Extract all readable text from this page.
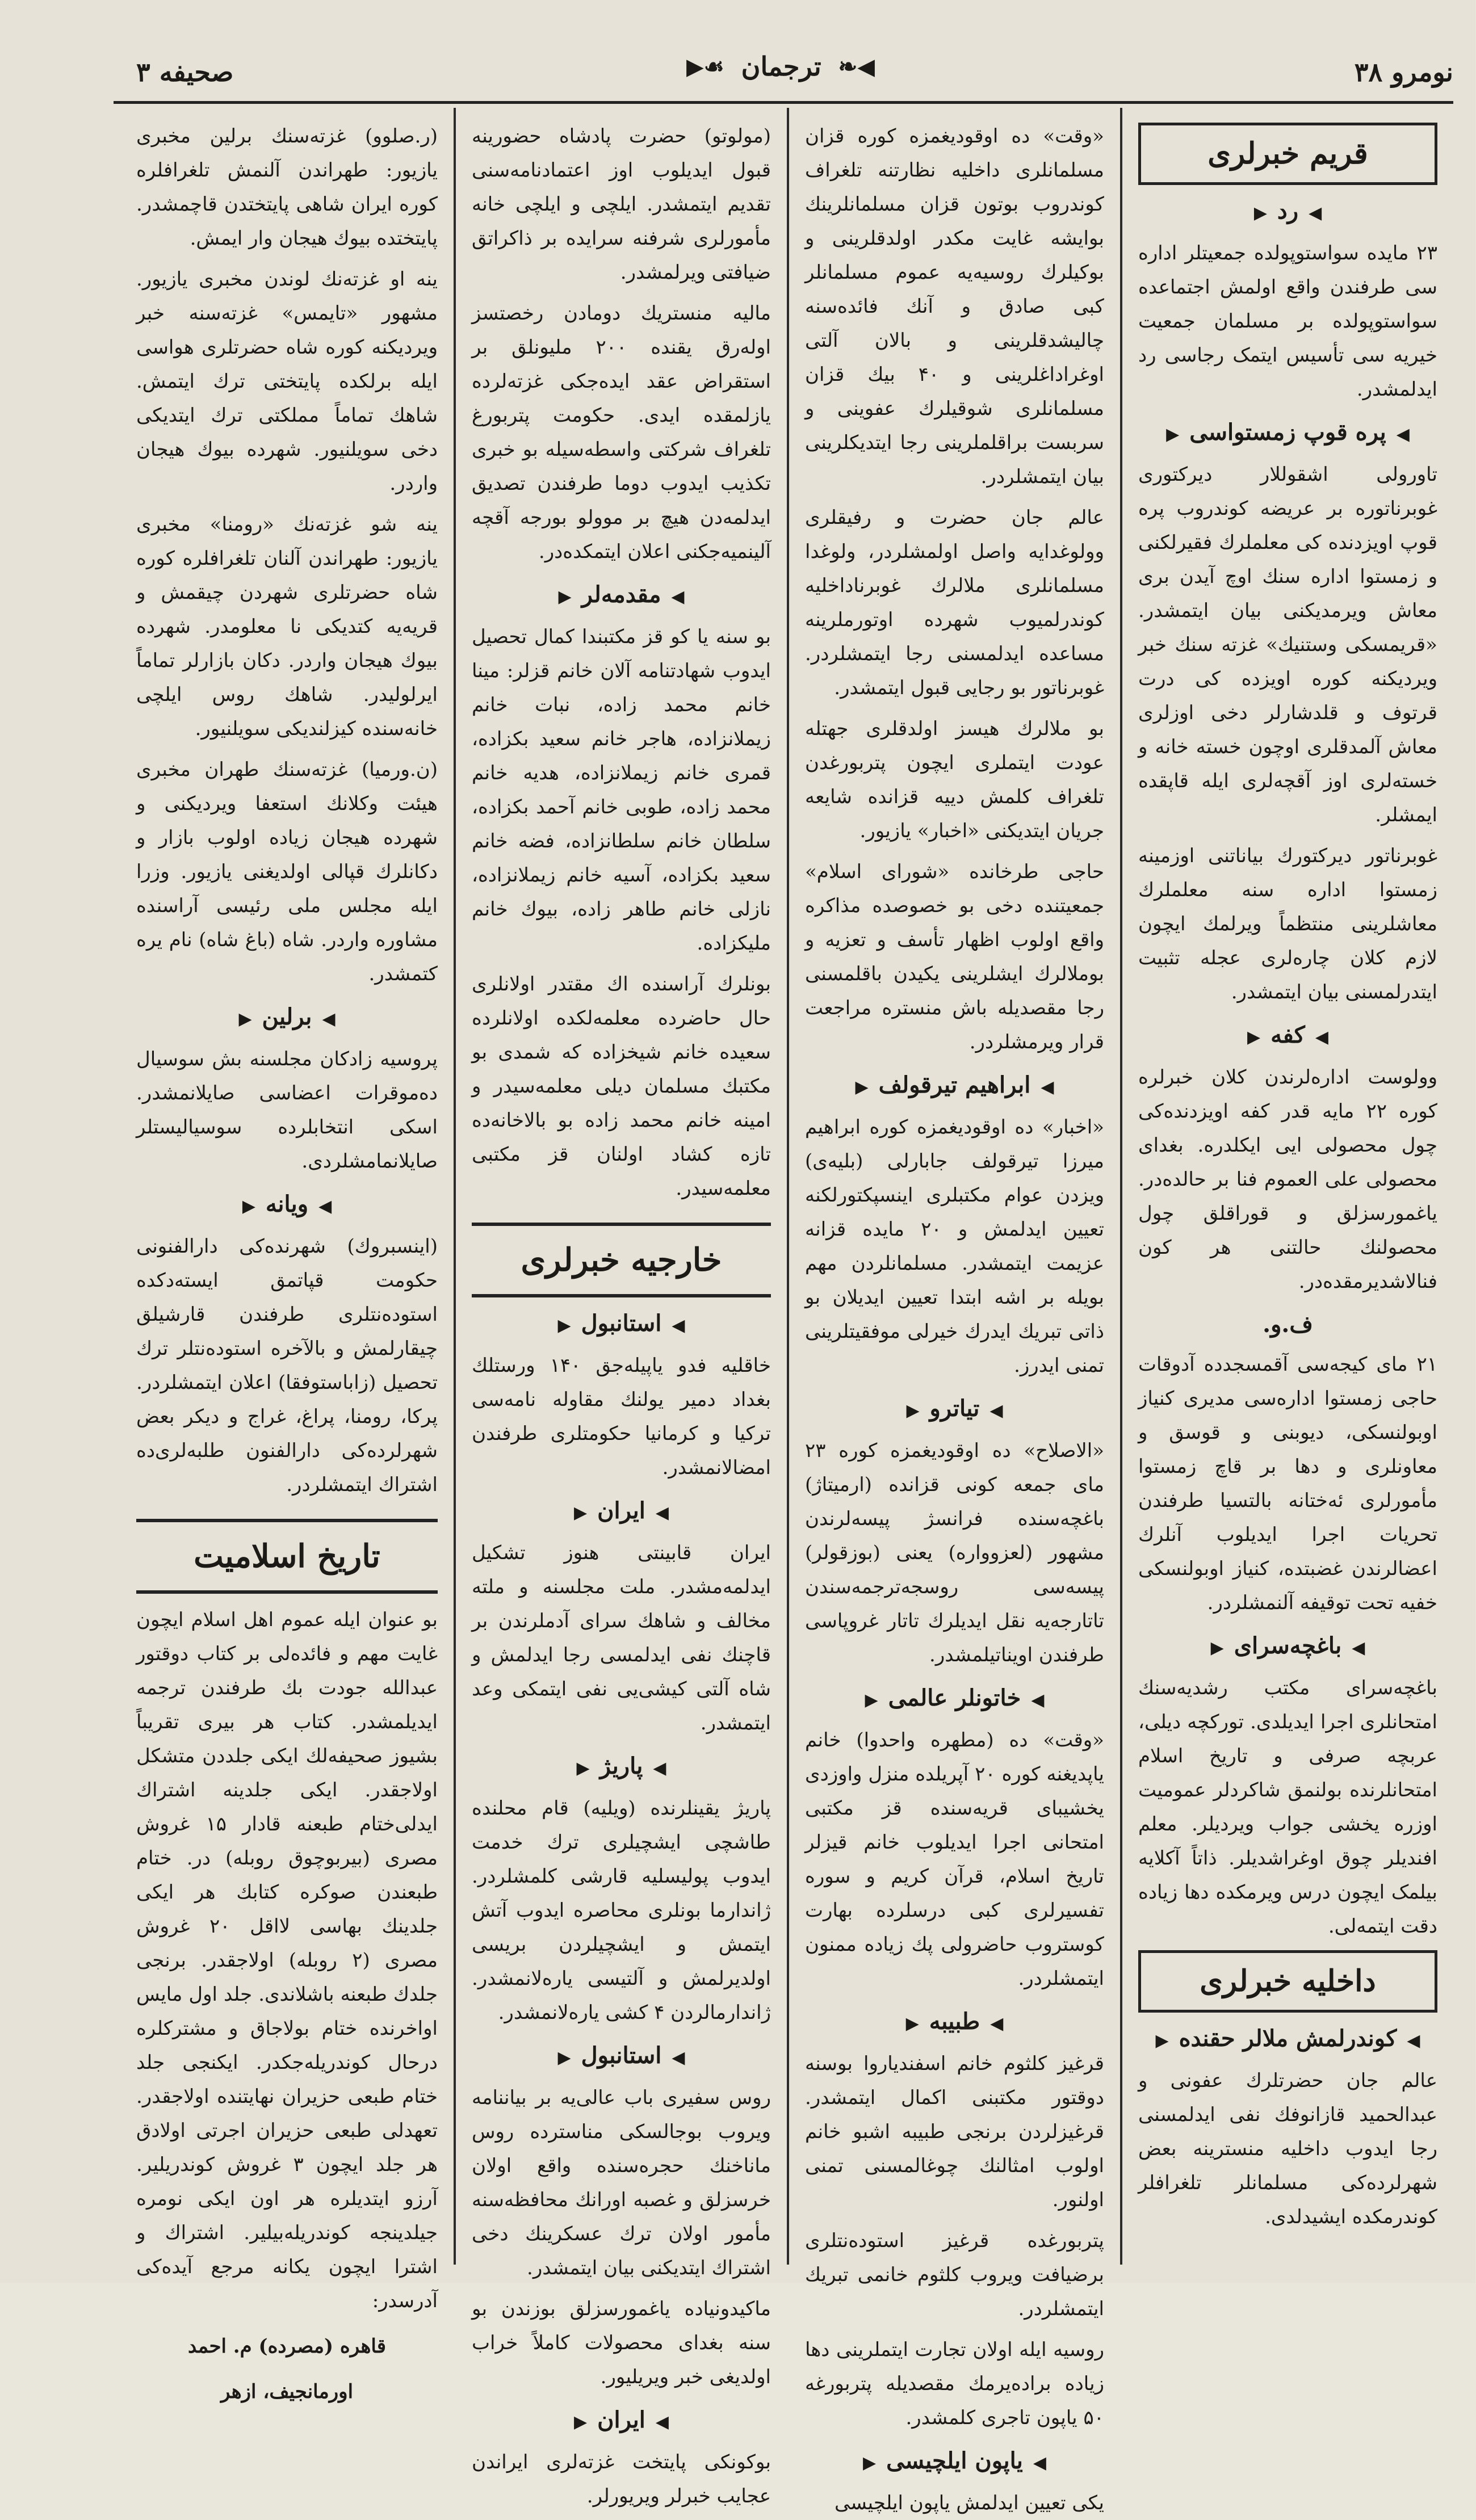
نومرو ۳۸
◀❧
ترجمان
☙▶
صحیفه ۳
قریم خبرلری
◀رد▶

۲۳ مایده سواستوپولده جمعیتلر اداره سی طرفندن واقع اولمش اجتماعده سواستوپولده بر مسلمان جمعیت خیریه سی تأسیس ایتمک رجاسی رد ایدلمشدر.

◀پره قوپ زمستواسی▶

تاورولی اشقوللار دیرکتوری غوبرناتوره بر عریضه کوندروب پره قوپ اویزدنده کی معلملرك فقیرلکنی و زمستوا اداره سنك اوچ آیدن بری معاش ویرمدیکنی بیان ایتمشدر. «قریمسکی وستنیك» غزته سنك خبر ویردیکنه کوره اویزده کی درت قرتوف و قلدشارلر دخی اوزلری معاش آلمدقلری اوچون خسته خانه و خسته‌لری اوز آقچه‌لری ایله قاپقده ایمشلر.

غوبرناتور دیرکتورك بیاناتنی اوزمینه زمستوا اداره سنه معلملرك معاشلرینی منتظماً ویرلمك ایچون لازم کلان چاره‌لری عجله تثبیت ایتدرلمسنی بیان ایتمشدر.

◀کفه▶

وولوست اداره‌لرندن کلان خبرلره کوره ۲۲ مایه قدر کفه اویزدنده‌کی چول محصولی ایی ایکلدره. بغدای محصولی علی العموم فنا بر حالده‌در. یاغمورسزلق و قوراقلق چول محصولنك حالتنی هر کون فنالاشدیرمقده‌در.

ف.و.

۲۱ مای کیجه‌سی آقمسجدده آدوقات حاجی زمستوا اداره‌سی مدیری کنیاز اوبولنسکی، دیوبنی و قوسق و معاونلری و دها بر قاچ زمستوا مأمورلری ئه‌ختانه بالتسیا طرفندن تحریات اجرا ایدیلوب آنلرك اعضالرندن غضبتده، کنیاز اوبولنسکی خفیه تحت توقیفه آلنمشلردر.

◀باغچه‌سرای▶

باغچه‌سرای مکتب رشدیه‌سنك امتحانلری اجرا ایدیلدی. تورکچه دیلی، عربچه صرفی و تاریخ اسلام امتحانلرنده بولنمق شاکردلر عمومیت اوزره یخشی جواب ویردیلر. معلم افندیلر چوق اوغراشدیلر. ذاتاً آکلایه بیلمک ایچون درس ویرمکده دها زیاده دقت ایتمه‌لی.

داخلیه خبرلری
◀کوندرلمش ملالر حقنده▶

عالم جان حضرتلرك عفونی و عبدالحمید قازانوفك نفی ایدلمسنی رجا ایدوب داخلیه منسترینه بعض شهرلرده‌کی مسلمانلر تلغرافلر کوندرمکده ایشیدلدی.

«وقت» ده اوقودیغمزه کوره قزان مسلمانلری داخلیه نظارتنه تلغراف کوندروب بوتون قزان مسلمانلرینك بوایشه غایت مکدر اولدقلرینی و بوکیلرك روسیه‌یه عموم مسلمانلر کبی صادق و آنك فائده‌سنه چالیشدقلرینی و بالان آلتی اوغراداغلرینی و ۴۰ بیك قزان مسلمانلری شوقیلرك عفوینی و سربست براقلملرینی رجا ایتدیکلرینی بیان ایتمشلردر.

عالم جان حضرت و رفیقلری وولوغدایه واصل اولمشلردر، ولوغدا مسلمانلری ملالرك غوبرناداخلیه کوندرلمیوب شهرده اوتورملرینه مساعده ایدلمسنی رجا ایتمشلردر. غوبرناتور بو رجایی قبول ایتمشدر.

بو ملالرك هیسز اولدقلری جهتله عودت ایتملری ایچون پتربورغدن تلغراف کلمش دییه قزانده شایعه جریان ایتدیکنی «اخبار» یازیور.

حاجی طرخانده «شورای اسلام» جمعیتنده دخی بو خصوصده مذاکره واقع اولوب اظهار تأسف و تعزیه و بوملالرك ایشلرینی یکیدن باقلمسنی رجا مقصدیله باش منستره مراجعت قرار ویرمشلردر.

◀ابراهیم تیرقولف▶

«اخبار» ده اوقودیغمزه کوره ابراهیم میرزا تیرقولف جابارلی (بلیه‌ی) ویزدن عوام مکتبلری اینسپکتورلکنه تعیین ایدلمش و ۲۰ مایده قزانه عزیمت ایتمشدر. مسلمانلردن مهم بویله بر اشه ابتدا تعیین ایدیلان بو ذاتی تبریك ایدرك خیرلی موفقیتلرینی تمنی ایدرز.

◀تیاترو▶

«الاصلاح» ده اوقودیغمزه کوره ۲۳ مای جمعه کونی قزانده (ارمیتاژ) باغچه‌سنده فرانسژ پیسه‌لرندن مشهور (لعزوواره) یعنی (بوزقولر) پیسه‌سی روسجه‌ترجمه‌سندن تاتارجه‌یه نقل ایدیلرك تاتار غروپاسی طرفندن اویناتیلمشدر.

◀خاتونلر عالمی▶

«وقت» ده (مطهره واحدوا) خانم یاپدیغنه کوره ۲۰ آپریلده منزل واوزدی یخشیبای قریه‌سنده قز مکتبی امتحانی اجرا ایدیلوب خانم قیزلر تاریخ اسلام، قرآن کریم و سوره تفسیرلری کبی درسلرده بهارت کوستروب حاضرولی پك زیاده ممنون ایتمشلردر.

◀طبیبه▶

قرغیز کلثوم خانم اسفندیاروا بوسنه دوقتور مکتبنی اکمال ایتمشدر. قرغیزلردن برنجی طبیبه اشبو خانم اولوب امثالنك چوغالمسنی تمنی اولنور.

پتربورغده قرغیز استوده‌نتلری برضیافت ویروب کلثوم خانمی تبریك ایتمشلردر.

روسیه ایله اولان تجارت ایتملرینی دها زیاده براده‌یرمك مقصدیله پتربورغه ۵۰ یاپون تاجری کلمشدر.

◀یاپون ایلچیسی▶

یکی تعیین ایدلمش یاپون ایلچیسی

(مولوتو) حضرت پادشاه حضورینه قبول ایدیلوب اوز اعتمادنامه‌سنی تقدیم ایتمشدر. ایلچی و ایلچی خانه مأمورلری شرفنه سرایده بر ذاکراتق ضیافتی ویرلمشدر.

مالیه منستریك دومادن رخصتسز اولەرق یقنده ۲۰۰ ملیونلق بر استقراض عقد ایده‌جکی غزته‌لرده یازلمقده ایدی. حکومت پتربورغ تلغراف شرکتی واسطه‌سیله بو خبری تکذیب ایدوب دوما طرفندن تصدیق ایدلمه‌دن هیچ بر موولو بورجه آقچه آلینمیه‌جکنی اعلان ایتمکده‌در.

◀مقدمه‌لر▶

بو سنه یا کو قز مکتبندا کمال تحصیل ایدوب شهادتنامه آلان خانم قزلر: مینا خانم محمد زاده، نبات خانم زیملانزاده، هاجر خانم سعید بکزاده، قمری خانم زیملانزاده، هدیه خانم محمد زاده، طوبی خانم آحمد بکزاده، سلطان خانم سلطانزاده، فضه خانم سعید بکزاده، آسیه خانم زیملانزاده، نازلی خانم طاهر زاده، بیوك خانم ملیکزاده.

بونلرك آراسنده اك مقتدر اولانلری حال حاضرده معلمه‌لکده اولانلرده سعیده خانم شیخزاده که شمدی بو مکتبك مسلمان دیلی معلمه‌سیدر و امینه خانم محمد زاده بو بالاخانه‌ده تازه کشاد اولنان قز مکتبی معلمه‌سیدر.

خارجیه خبرلری
◀استانبول▶

خاقلیه فدو یاپیله‌جق ۱۴۰ ورستلك بغداد دمیر یولنك مقاوله نامه‌سی ترکیا و کرمانیا حکومتلری طرفندن امضالانمشدر.

◀ایران▶

ایران قابینتی هنوز تشکیل ایدلمه‌مشدر. ملت مجلسنه و ملته مخالف و شاهك سرای آدملرندن بر قاچنك نفی ایدلمسی رجا ایدلمش و شاه آلتی کیشی‌یی نفی ایتمکی وعد ایتمشدر.

◀پاریژ▶

پاریژ یقینلرنده (ویلیه) قام محلنده طاشچی ایشچیلری ترك خدمت ایدوب پولیسلیه قارشی کلمشلردر. ژاندارما بونلری محاصره ایدوب آتش ایتمش و ایشچیلردن بریسی اولدیرلمش و آلتیسی یارەلانمشدر. ژاندارمالردن ۴ کشی یاره‌لانمشدر.

◀استانبول▶

روس سفیری باب عالی‌یه بر بیاننامه ویروب بوجالسکی مناسترده روس ماناخنك حجره‌سنده واقع اولان خرسزلق و غصبه اورانك محافظه‌سنه مأمور اولان ترك عسکرینك دخی اشتراك ایتدیکنی بیان ایتمشدر.

ماکیدونیاده یاغمورسزلق بوزندن بو سنه بغدای محصولات کاملاً خراب اولدیغی خبر ویریلیور.

◀ایران▶

بوکونکی پایتخت غزته‌لری ایراندن عجایب خبرلر ویریورلر.

(ر.صلوو) غزته‌سنك برلین مخبری یازیور: طهراندن آلنمش تلغرافلره کوره ایران شاهی پایتختدن قاچمشدر. پایتختده بیوك هیجان وار ایمش.

ینه او غزته‌نك لوندن مخبری یازیور. مشهور «تایمس» غزته‌سنه خبر ویردیکنه کوره شاه حضرتلری هواسی ایله برلکده پایتختی ترك ایتمش. شاهك تماماً مملکتی ترك ایتدیکی دخی سویلنیور. شهرده بیوك هیجان واردر.

ینه شو غزته‌نك «رومنا» مخبری یازیور: طهراندن آلنان تلغرافلره کوره شاه حضرتلری شهردن چیقمش و قریه‌یه کتدیکی نا معلومدر. شهرده بیوك هیجان واردر. دکان بازارلر تماماً ایرلولیدر. شاهك روس ایلچی خانه‌سنده کیزلندیکی سویلنیور.

(ن.ورمیا) غزته‌سنك طهران مخبری هیئت وکلانك استعفا ویردیکنی و شهرده هیجان زیاده اولوب بازار و دکانلرك قپالی اولدیغنی یازیور. وزرا ایله مجلس ملی رئیسی آراسنده مشاوره واردر. شاه (باغ شاه) نام یره کتمشدر.

◀برلین▶

پروسیه زادکان مجلسنه بش سوسیال دەموقرات اعضاسی صایلانمشدر. اسکی انتخابلرده سوسیالیستلر صایلانمامشلردی.

◀ویانه▶

(اینسبروك) شهرنده‌کی دارالفنونی حکومت قپاتمق ایسته‌دکده استوده‌نتلری طرفندن قارشیلق چیقارلمش و بالآخره استوده‌نتلر ترك تحصیل (زاباستوفقا) اعلان ایتمشلردر. پرکا، رومنا، پراغ، غراج و دیکر بعض شهرلرده‌کی دارالفنون طلبه‌لری‌ده اشتراك ایتمشلردر.

تاریخ اسلامیت

بو عنوان ایله عموم اهل اسلام ایچون غایت مهم و فائده‌لی بر کتاب دوقتور عبدالله جودت بك طرفندن ترجمه ایدیلمشدر. کتاب هر بیری تقریباً بشیوز صحیفه‌لك ایکی جلددن متشکل اولاجقدر. ایکی جلدینه اشتراك ایدلی‌ختام طبعنه قادار ۱۵ غروش مصری (بیربوچوق روبله) در. ختام طبعندن صوکره کتابك هر ایکی جلدینك بهاسی لااقل ۲۰ غروش مصری (۲ روبله) اولاجقدر. برنجی جلدك طبعنه باشلاندی. جلد اول مایس اواخرنده ختام بولاجاق و مشترکلره درحال کوندریله‌جکدر. ایکنجی جلد ختام طبعی حزیران نهایتنده اولاجقدر. تعهدلی طبعی حزیران اجرتی اولادق هر جلد ایچون ۳ غروش کوندریلیر. آرزو ایتدیلره هر اون ایکی نومره جیلدینجه کوندریله‌بیلیر. اشتراك و اشترا ایچون یکانه مرجع آیده‌کی آدرسدر:

قاهره (مصرده) م. احمد
اورمانجیف، ازهر
